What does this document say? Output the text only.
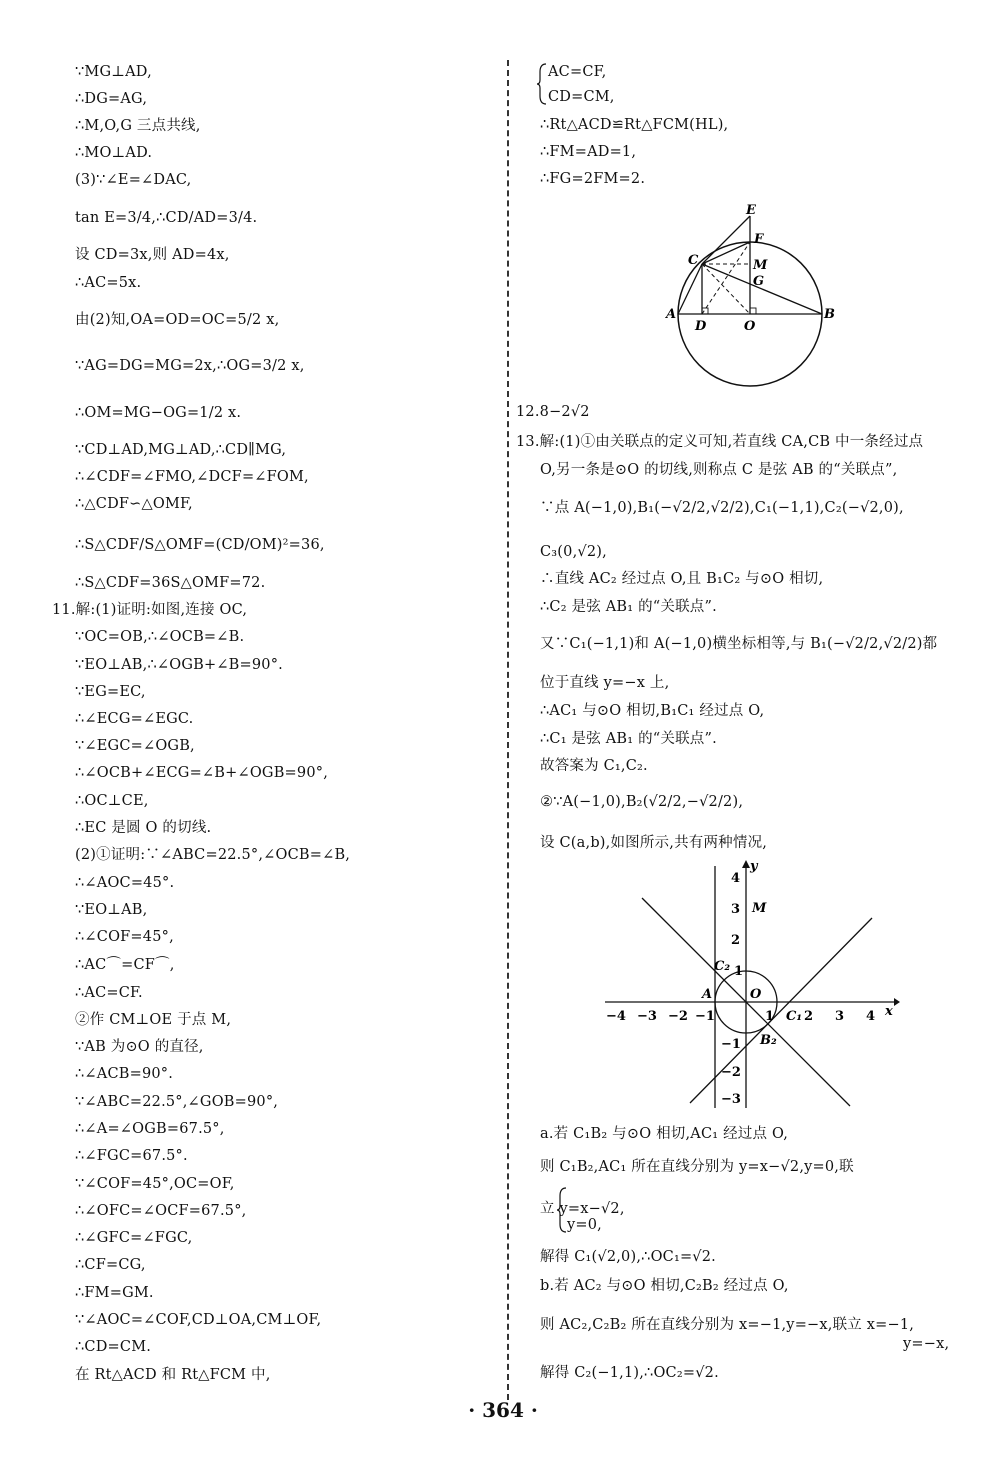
∵MG⊥AD,
∴DG=AG,
∴M,O,G 三点共线,
∴MO⊥AD.
(3)∵∠E=∠DAC,
tan E=3/4,∴CD/AD=3/4.
设 CD=3x,则 AD=4x,
∴AC=5x.
由(2)知,OA=OD=OC=5/2 x,
∵AG=DG=MG=2x,∴OG=3/2 x,
∴OM=MG−OG=1/2 x.
∵CD⊥AD,MG⊥AD,∴CD∥MG,
∴∠CDF=∠FMO,∠DCF=∠FOM,
∴△CDF∽△OMF,
∴S△CDF/S△OMF=(CD/OM)²=36,
∴S△CDF=36S△OMF=72.
11.解:(1)证明:如图,连接 OC,
∵OC=OB,∴∠OCB=∠B.
∵EO⊥AB,∴∠OGB+∠B=90°.
∵EG=EC,
∴∠ECG=∠EGC.
∵∠EGC=∠OGB,
∴∠OCB+∠ECG=∠B+∠OGB=90°,
∴OC⊥CE,
∴EC 是圆 O 的切线.
(2)①证明:∵∠ABC=22.5°,∠OCB=∠B,
∴∠AOC=45°.
∵EO⊥AB,
∴∠COF=45°,
∴AC⌒=CF⌒,
∴AC=CF.
②作 CM⊥OE 于点 M,
∵AB 为⊙O 的直径,
∴∠ACB=90°.
∵∠ABC=22.5°,∠GOB=90°,
∴∠A=∠OGB=67.5°,
∴∠FGC=67.5°.
∵∠COF=45°,OC=OF,
∴∠OFC=∠OCF=67.5°,
∴∠GFC=∠FGC,
∴CF=CG,
∴FM=GM.
∵∠AOC=∠COF,CD⊥OA,CM⊥OF,
∴CD=CM.
在 Rt△ACD 和 Rt△FCM 中,
AC=CF,
CD=CM,
∴Rt△ACD≌Rt△FCM(HL),
∴FM=AD=1,
∴FG=2FM=2.
E
F
C	M
G
A
D	O
B
12.8−2√2
13.解:(1)①由关联点的定义可知,若直线 CA,CB 中一条经过点
O,另一条是⊙O 的切线,则称点 C 是弦 AB 的“关联点”,
∵点 A(−1,0),B₁(−√2/2,√2/2),C₁(−1,1),C₂(−√2,0),
C₃(0,√2),
∴直线 AC₂ 经过点 O,且 B₁C₂ 与⊙O 相切,
∴C₂ 是弦 AB₁ 的“关联点”.
又∵C₁(−1,1)和 A(−1,0)横坐标相等,与 B₁(−√2/2,√2/2)都
位于直线 y=−x 上,
∴AC₁ 与⊙O 相切,B₁C₁ 经过点 O,
∴C₁ 是弦 AB₁ 的“关联点”.
故答案为 C₁,C₂.
②∵A(−1,0),B₂(√2/2,−√2/2),
设 C(a,b),如图所示,共有两种情况,
−4 −3 −2 −1	1 2 3 4
4
3
2
1
−1
−2
−3
x
y
M
C₂
A	O
C₁
B₂
a.若 C₁B₂ 与⊙O 相切,AC₁ 经过点 O,
则 C₁B₂,AC₁ 所在直线分别为 y=x−√2,y=0,联
立 y=x−√2,
y=0,
解得 C₁(√2,0),∴OC₁=√2.
b.若 AC₂ 与⊙O 相切,C₂B₂ 经过点 O,
则 AC₂,C₂B₂ 所在直线分别为 x=−1,y=−x,联立 x=−1,
y=−x,
解得 C₂(−1,1),∴OC₂=√2.
· 364 ·
